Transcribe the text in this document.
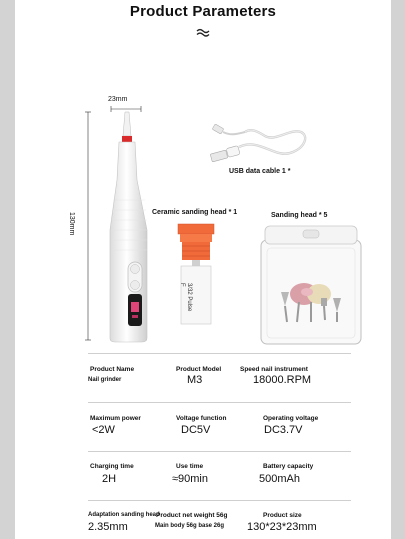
Product Parameters
23mm
130mm
USB data cable 1 *
Ceramic sanding head * 1	Sanding head * 5
3/32 Pulse
F
Product Name
Nail grinder
Product Model
M3
Speed nail instrument
18000.RPM
Maximum power
<2W
Voltage function
DC5V
Operating voltage
DC3.7V
Charging time
2H
Use time
≈90min
Battery capacity
500mAh
Adaptation sanding head
2.35mm
Product net weight 56g
Main body 56g base 26g
Product size
130*23*23mm
